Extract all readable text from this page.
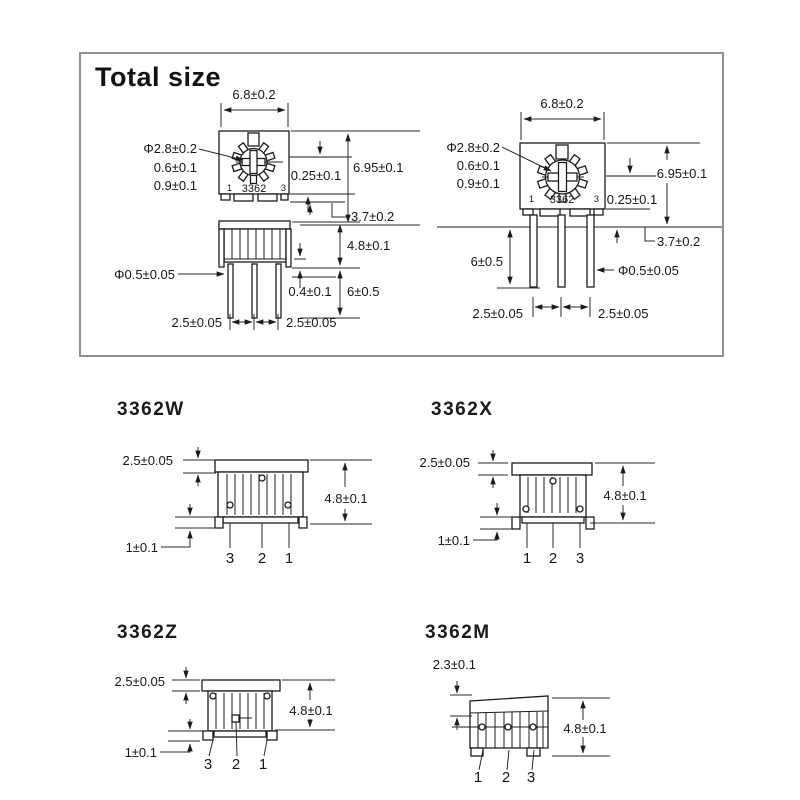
Total size
1 3362 3
6.8±0.2
Φ2.8±0.2
0.6±0.1
0.9±0.1
0.25±0.1
6.95±0.1
3.7±0.2
Φ0.5±0.05
4.8±0.1
0.4±0.1 6±0.5
2.5±0.05	2.5±0.05
1 3362 3
6.8±0.2
Φ2.8±0.2
0.6±0.1
0.9±0.1
6.95±0.1
0.25±0.1
3.7±0.2
6±0.5
Φ0.5±0.05
2.5±0.05	2.5±0.05
3362W	3362X
3362Z	3362M
3 2 1
2.5±0.05
1±0.1
4.8±0.1
1 2 3
2.5±0.05
1±0.1
4.8±0.1
3 2 1
2.5±0.05
1±0.1
4.8±0.1
1 2 3
2.3±0.1
4.8±0.1
